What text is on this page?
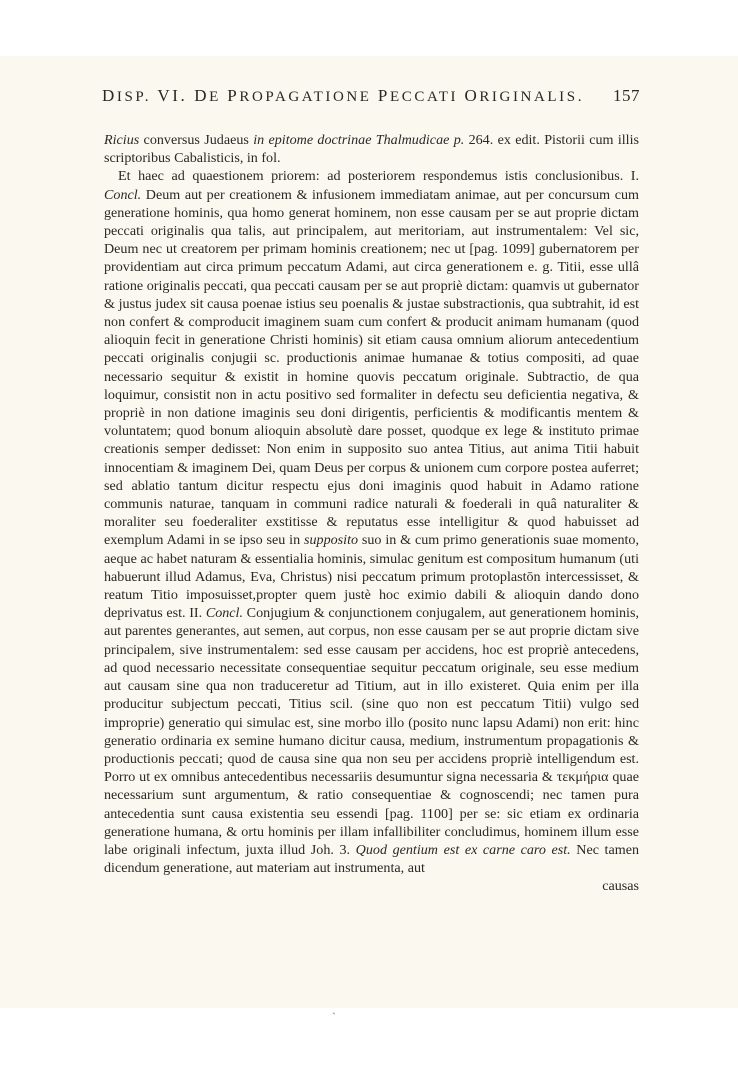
DISP. VI. DE PROPAGATIONE PECCATI ORIGINALIS. 157

Ricius conversus Judaeus in epitome doctrinae Thalmudicae p. 264. ex edit. Pistorii cum illis scriptoribus Cabalisticis, in fol.

Et haec ad quaestionem priorem: ad posteriorem respondemus istis conclusionibus. I. Concl. Deum aut per creationem & infusionem immediatam animae, aut per concursum cum generatione hominis, qua homo generat hominem, non esse causam per se aut proprie dictam peccati originalis qua talis, aut principalem, aut meritoriam, aut instrumentalem: Vel sic, Deum nec ut creatorem per primam hominis creationem; nec ut [pag. 1099] gubernatorem per providentiam aut circa primum peccatum Adami, aut circa generationem e. g. Titii, esse ullâ ratione originalis peccati, qua peccati causam per se aut propriè dictam: quamvis ut gubernator & justus judex sit causa poenae istius seu poenalis & justae substractionis, qua subtrahit, id est non confert & comproducit imaginem suam cum confert & producit animam humanam (quod alioquin fecit in generatione Christi hominis) sit etiam causa omnium aliorum antecedentium peccati originalis conjugii sc. productionis animae humanae & totius compositi, ad quae necessario sequitur & existit in homine quovis peccatum originale. Subtractio, de qua loquimur, consistit non in actu positivo sed formaliter in defectu seu deficientia negativa, & propriè in non datione imaginis seu doni dirigentis, perficientis & modificantis mentem & voluntatem; quod bonum alioquin absolutè dare posset, quodque ex lege & instituto primae creationis semper dedisset: Non enim in supposito suo antea Titius, aut anima Titii habuit innocentiam & imaginem Dei, quam Deus per corpus & unionem cum corpore postea auferret; sed ablatio tantum dicitur respectu ejus doni imaginis quod habuit in Adamo ratione communis naturae, tanquam in communi radice naturali & foederali in quâ naturaliter & moraliter seu foederaliter exstitisse & reputatus esse intelligitur & quod habuisset ad exemplum Adami in se ipso seu in supposito suo in & cum primo generationis suae momento, aeque ac habet naturam & essentialia hominis, simulac genitum est compositum humanum (uti habuerunt illud Adamus, Eva, Christus) nisi peccatum primum protoplastōn intercessisset, & reatum Titio imposuisset,propter quem justè hoc eximio dabili & alioquin dando dono deprivatus est. II. Concl. Conjugium & conjunctionem conjugalem, aut generationem hominis, aut parentes generantes, aut semen, aut corpus, non esse causam per se aut proprie dictam sive principalem, sive instrumentalem: sed esse causam per accidens, hoc est propriè antecedens, ad quod necessario necessitate consequentiae sequitur peccatum originale, seu esse medium aut causam sine qua non traduceretur ad Titium, aut in illo existeret. Quia enim per illa producitur subjectum peccati, Titius scil. (sine quo non est peccatum Titii) vulgo sed improprie) generatio qui simulac est, sine morbo illo (posito nunc lapsu Adami) non erit: hinc generatio ordinaria ex semine humano dicitur causa, medium, instrumentum propagationis & productionis peccati; quod de causa sine qua non seu per accidens propriè intelligendum est. Porro ut ex omnibus antecedentibus necessariis desumuntur signa necessaria & τεκμήρια quae necessarium sunt argumentum, & ratio consequentiae & cognoscendi; nec tamen pura antecedentia sunt causa existentia seu essendi [pag. 1100] per se: sic etiam ex ordinaria generatione humana, & ortu hominis per illam infallibiliter concludimus, hominem illum esse labe originali infectum, juxta illud Joh. 3. Quod gentium est ex carne caro est. Nec tamen dicendum generatione, aut materiam aut instrumenta, aut

causas
ˎ
